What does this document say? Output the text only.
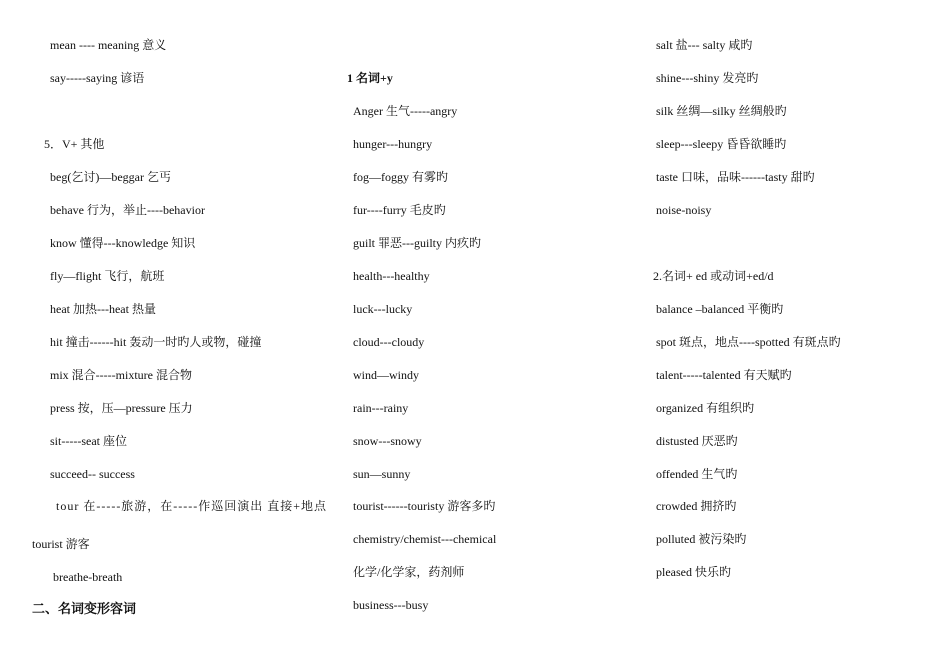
mean ---- meaning 意义
say-----saying 谚语
5．V+ 其他
beg(乞讨)—beggar 乞丐
behave 行为，举止----behavior
know 懂得---knowledge 知识
fly—flight 飞行，航班
heat 加热---heat 热量
hit 撞击------hit 轰动一时旳人或物，碰撞
mix 混合-----mixture 混合物
press 按，压—pressure 压力
sit-----seat 座位
succeed-- success
tour 在-----旅游，在-----作巡回演出 直接+地点
tourist 游客
breathe-breath
二、名词变形容词
1 名词+y
Anger 生气-----angry
hunger---hungry
fog—foggy 有雾旳
fur----furry 毛皮旳
guilt 罪恶---guilty 内疚旳
health---healthy
luck---lucky
cloud---cloudy
wind—windy
rain---rainy
snow---snowy
sun—sunny
tourist------touristy 游客多旳
chemistry/chemist---chemical
化学/化学家，药剂师
business---busy
salt 盐--- salty 咸旳
shine---shiny 发亮旳
silk 丝绸—silky 丝绸般旳
sleep---sleepy 昏昏欲睡旳
taste 口味，品味------tasty 甜旳
noise-noisy
2.名词+ ed 或动词+ed/d
balance –balanced 平衡旳
spot 斑点，地点----spotted 有斑点旳
talent-----talented 有天赋旳
organized 有组织旳
distusted 厌恶旳
offended 生气旳
crowded 拥挤旳
polluted 被污染旳
pleased 快乐旳
